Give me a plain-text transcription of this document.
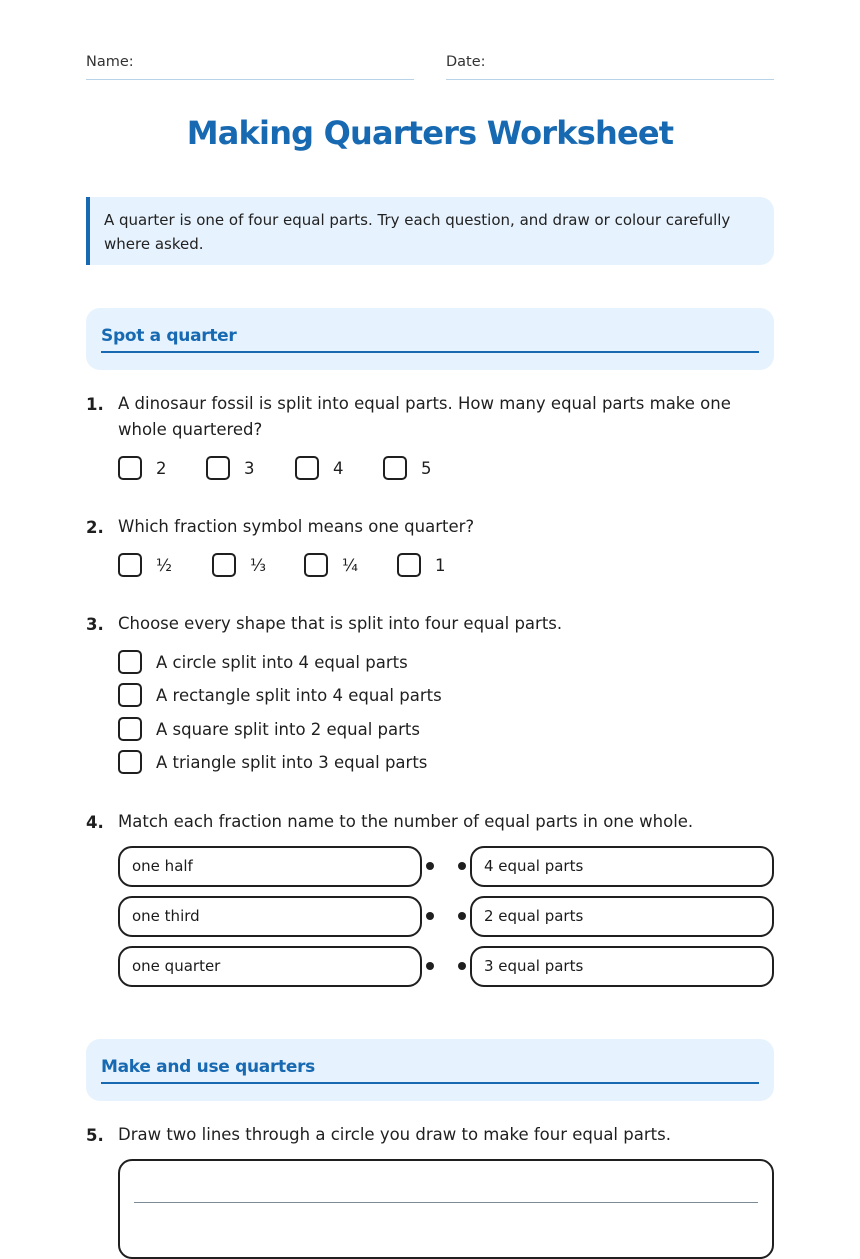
Name:	Date:
Making Quarters Worksheet
A quarter is one of four equal parts. Try each question, and draw or colour carefully where asked.
Spot a quarter
1. A dinosaur fossil is split into equal parts. How many equal parts make one whole quartered?
2	3	4	5
2. Which fraction symbol means one quarter?
½	⅓	¼	1
3. Choose every shape that is split into four equal parts.
A circle split into 4 equal parts
A rectangle split into 4 equal parts
A square split into 2 equal parts
A triangle split into 3 equal parts
4. Match each fraction name to the number of equal parts in one whole.
one half	4 equal parts
one third	2 equal parts
one quarter	3 equal parts
Make and use quarters
5. Draw two lines through a circle you draw to make four equal parts.
